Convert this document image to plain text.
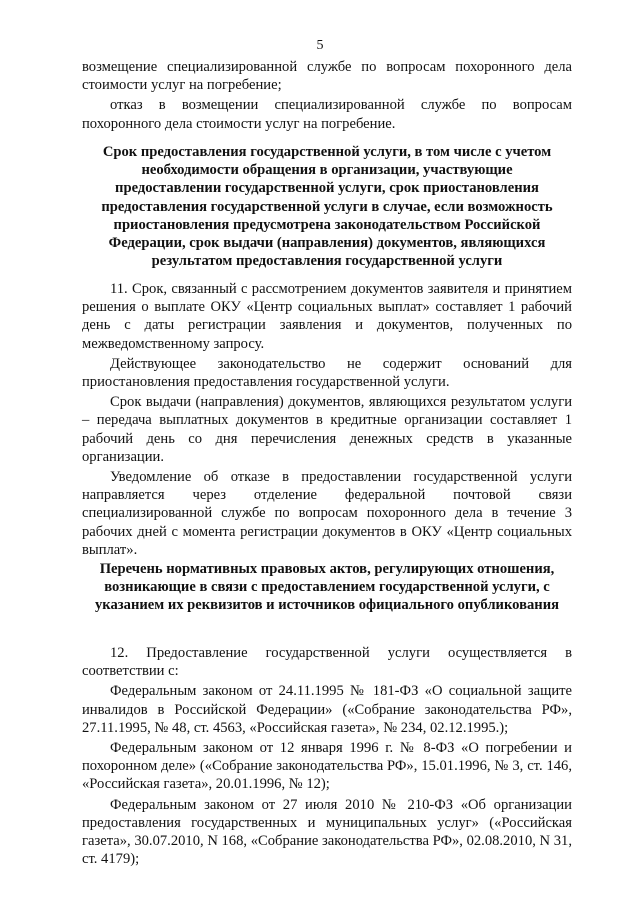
5

возмещение специализированной службе по вопросам похоронного дела стоимости услуг на погребение;

отказ в возмещении специализированной службе по вопросам похоронного дела стоимости услуг на погребение.

Срок предоставления государственной услуги, в том числе с учетом необходимости обращения в организации, участвующие предоставлении государственной услуги, срок приостановления предоставления государственной услуги в случае, если возможность приостановления предусмотрена законодательством Российской Федерации, срок выдачи (направления) документов, являющихся результатом предоставления государственной услуги

11. Срок, связанный с рассмотрением документов заявителя и принятием решения о выплате ОКУ «Центр социальных выплат» составляет 1 рабочий день с даты регистрации заявления и документов, полученных по межведомственному запросу.

Действующее законодательство не содержит оснований для приостановления предоставления государственной услуги.

Срок выдачи (направления) документов, являющихся результатом услуги – передача выплатных документов в кредитные организации составляет 1 рабочий день со дня перечисления денежных средств в указанные организации.

Уведомление об отказе в предоставлении государственной услуги направляется через отделение федеральной почтовой связи специализированной службе по вопросам похоронного дела в течение 3 рабочих дней с момента регистрации документов в ОКУ «Центр социальных выплат».

Перечень нормативных правовых актов, регулирующих отношения, возникающие в связи с предоставлением государственной услуги, с указанием их реквизитов и источников официального опубликования

12. Предоставление государственной услуги осуществляется в соответствии с:

Федеральным законом от 24.11.1995 № 181-ФЗ «О социальной защите инвалидов в Российской Федерации» («Собрание законодательства РФ», 27.11.1995, № 48, ст. 4563, «Российская газета», № 234, 02.12.1995.);

Федеральным законом от 12 января 1996 г. № 8-ФЗ «О погребении и похоронном деле» («Собрание законодательства РФ», 15.01.1996, № 3, ст. 146, «Российская газета», 20.01.1996, № 12);

Федеральным законом от 27 июля 2010 № 210-ФЗ «Об организации предоставления государственных и муниципальных услуг» («Российская газета», 30.07.2010, N 168, «Собрание законодательства РФ», 02.08.2010, N 31, ст. 4179);
